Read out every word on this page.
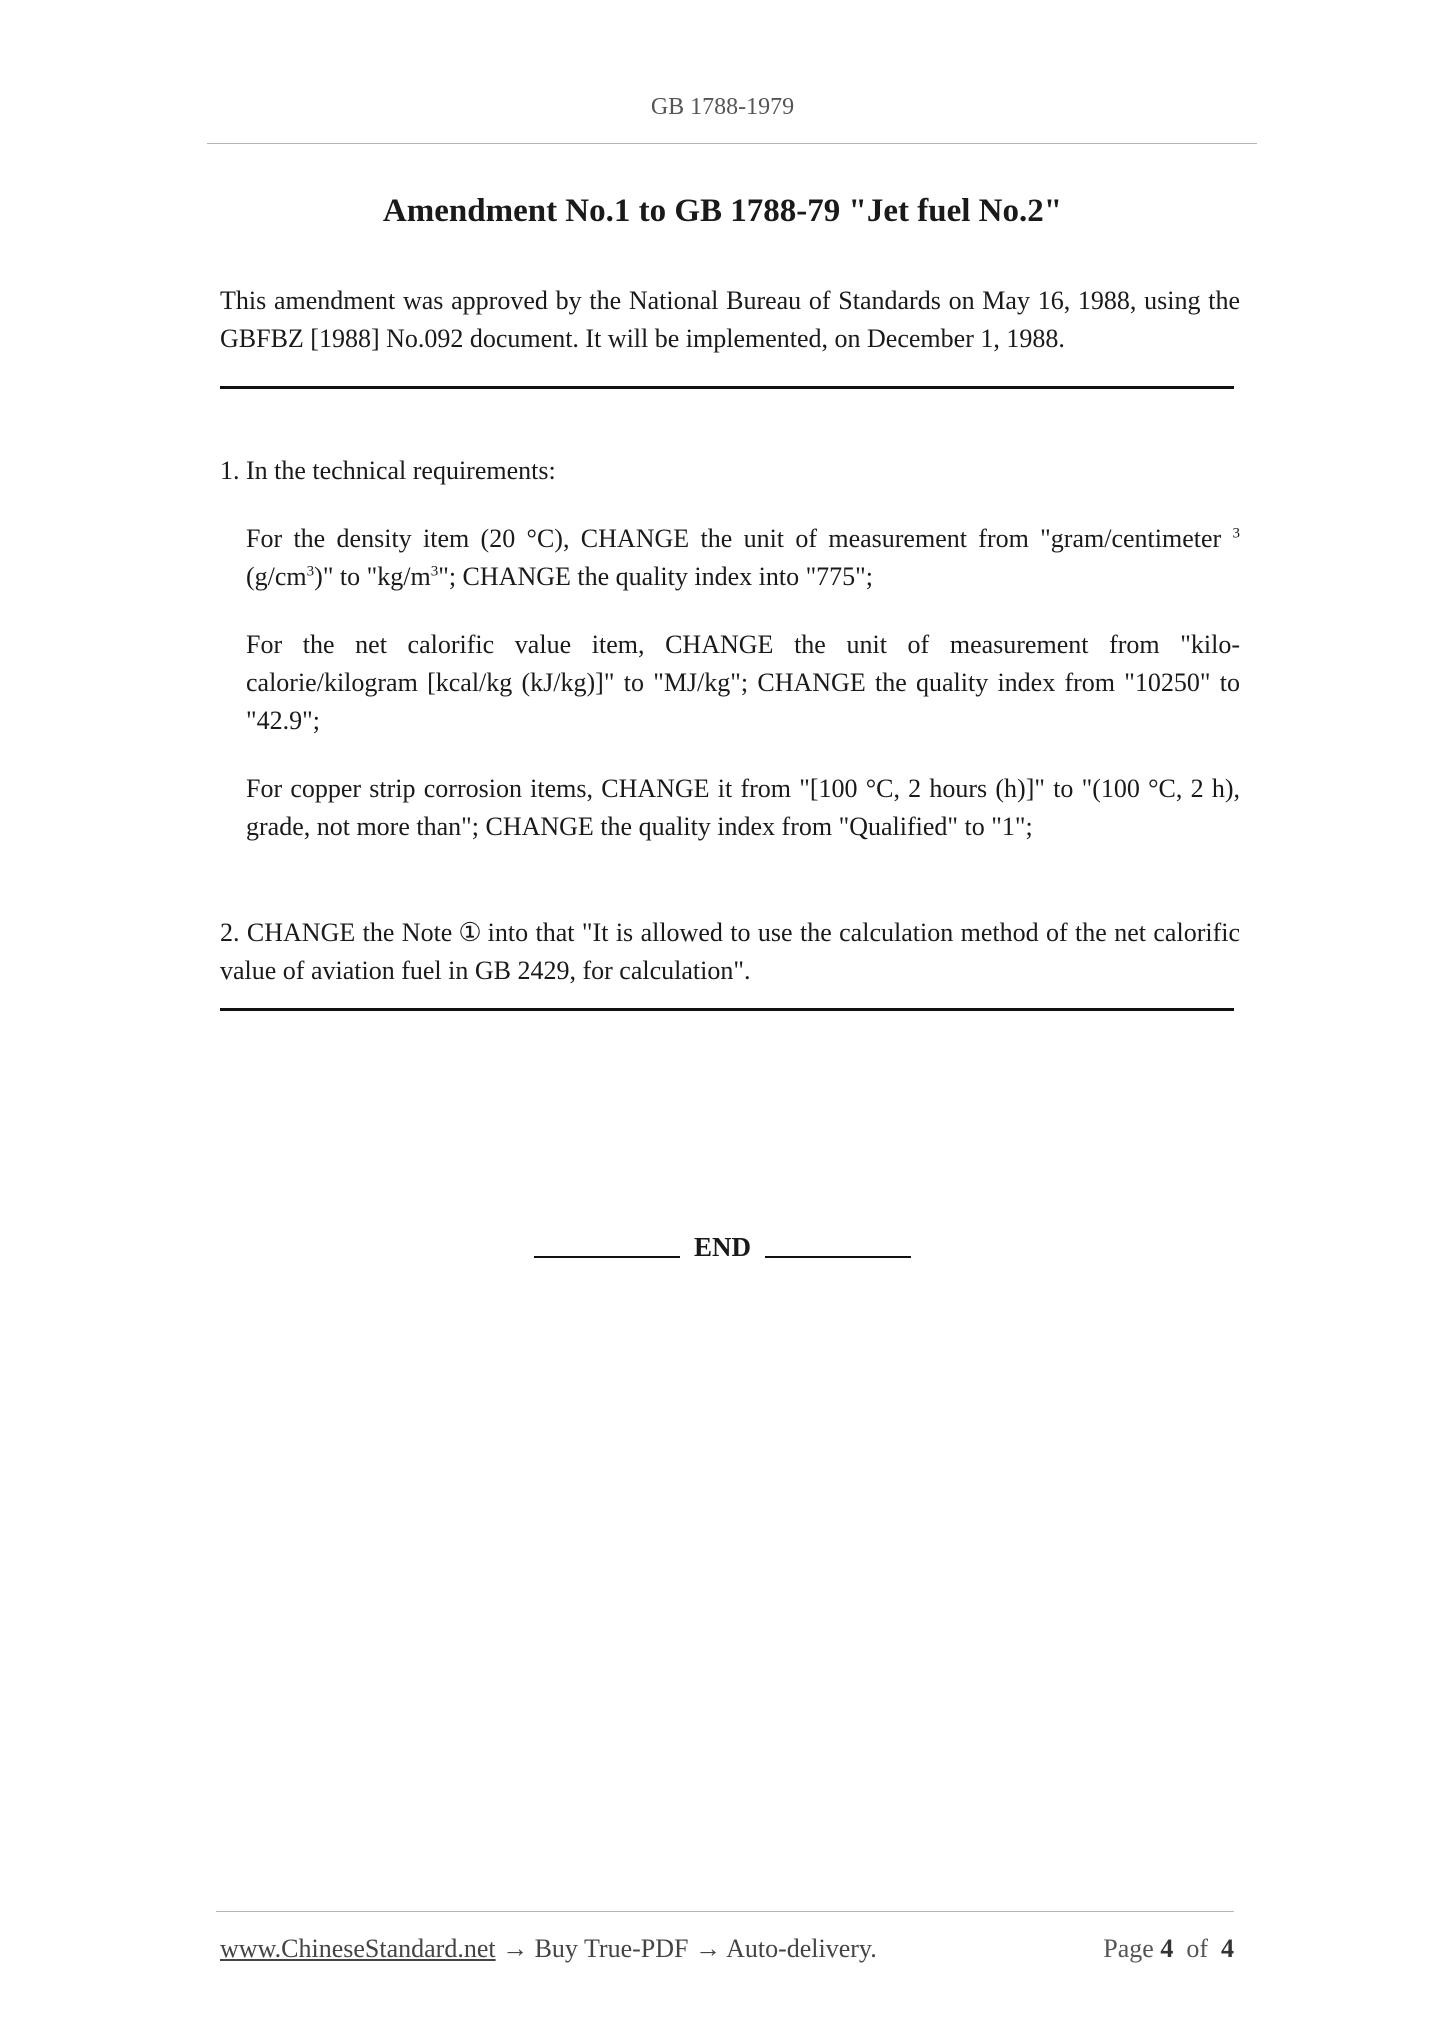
GB 1788-1979
Amendment No.1 to GB 1788-79 "Jet fuel No.2"
This amendment was approved by the National Bureau of Standards on May 16, 1988, using the GBFBZ [1988] No.092 document. It will be implemented, on December 1, 1988.
1. In the technical requirements:
For the density item (20 °C), CHANGE the unit of measurement from "gram/centimeter $^3$ $(g/cm^3)$" to "$kg/m^3$"; CHANGE the quality index into "775";
For the net calorific value item, CHANGE the unit of measurement from "kilo-calorie/kilogram [kcal/kg (kJ/kg)]" to "MJ/kg"; CHANGE the quality index from "10250" to "42.9";
For copper strip corrosion items, CHANGE it from "[100 °C, 2 hours (h)]" to "(100 °C, 2 h), grade, not more than"; CHANGE the quality index from "Qualified" to "1";
2. CHANGE the Note ① into that "It is allowed to use the calculation method of the net calorific value of aviation fuel in GB 2429, for calculation".
END
www.ChineseStandard.net → Buy True-PDF → Auto-delivery.	Page 4 of 4
